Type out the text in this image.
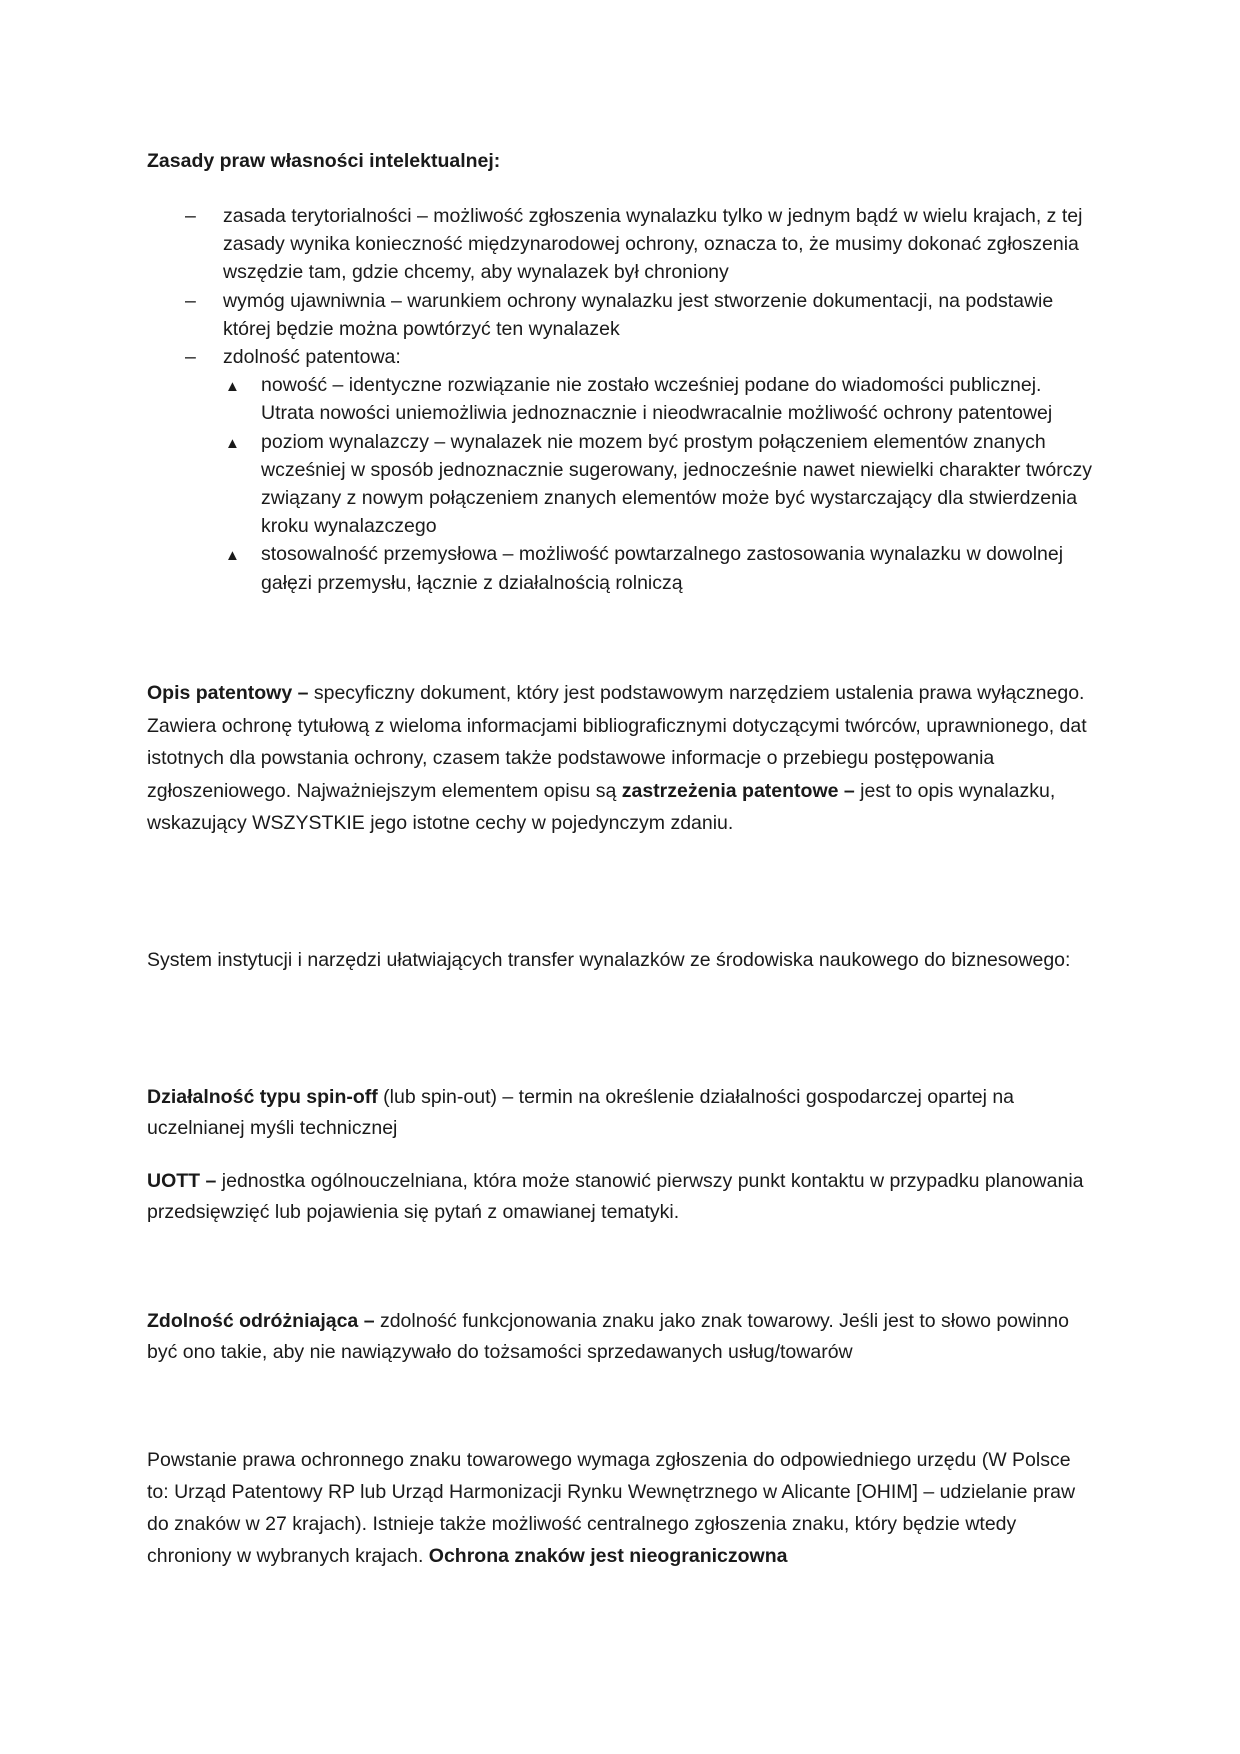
Zasady praw własności intelektualnej:
– zasada terytorialności – możliwość zgłoszenia wynalazku tylko w jednym bądź w wielu krajach, z tej zasady wynika konieczność międzynarodowej ochrony, oznacza to, że musimy dokonać zgłoszenia wszędzie tam, gdzie chcemy, aby wynalazek był chroniony
– wymóg ujawniwnia – warunkiem ochrony wynalazku jest stworzenie dokumentacji, na podstawie której będzie można powtórzyć ten wynalazek
– zdolność patentowa:
▲ nowość – identyczne rozwiązanie nie zostało wcześniej podane do wiadomości publicznej. Utrata nowości uniemożliwia jednoznacznie i nieodwracalnie możliwość ochrony patentowej
▲ poziom wynalazczy – wynalazek nie mozem być prostym połączeniem elementów znanych wcześniej w sposób jednoznacznie sugerowany, jednocześnie nawet niewielki charakter twórczy związany z nowym połączeniem znanych elementów może być wystarczający dla stwierdzenia kroku wynalazczego
▲ stosowalność przemysłowa – możliwość powtarzalnego zastosowania wynalazku w dowolnej gałęzi przemysłu, łącznie z działalnością rolniczą

Opis patentowy – specyficzny dokument, który jest podstawowym narzędziem ustalenia prawa wyłącznego. Zawiera ochronę tytułową z wieloma informacjami bibliograficznymi dotyczącymi twórców, uprawnionego, dat istotnych dla powstania ochrony, czasem także podstawowe informacje o przebiegu postępowania zgłoszeniowego. Najważniejszym elementem opisu są zastrzeżenia patentowe – jest to opis wynalazku, wskazujący WSZYSTKIE jego istotne cechy w pojedynczym zdaniu.

System instytucji i narzędzi ułatwiających transfer wynalazków ze środowiska naukowego do biznesowego:

Działalność typu spin-off (lub spin-out) – termin na określenie działalności gospodarczej opartej na uczelnianej myśli technicznej

UOTT – jednostka ogólnouczelniana, która może stanowić pierwszy punkt kontaktu w przypadku planowania przedsięwzięć lub pojawienia się pytań z omawianej tematyki.

Zdolność odróżniająca – zdolność funkcjonowania znaku jako znak towarowy. Jeśli jest to słowo powinno być ono takie, aby nie nawiązywało do tożsamości sprzedawanych usług/towarów

Powstanie prawa ochronnego znaku towarowego wymaga zgłoszenia do odpowiedniego urzędu (W Polsce to: Urząd Patentowy RP lub Urząd Harmonizacji Rynku Wewnętrznego w Alicante [OHIM] – udzielanie praw do znaków w 27 krajach). Istnieje także możliwość centralnego zgłoszenia znaku, który będzie wtedy chroniony w wybranych krajach. Ochrona znaków jest nieograniczowna
